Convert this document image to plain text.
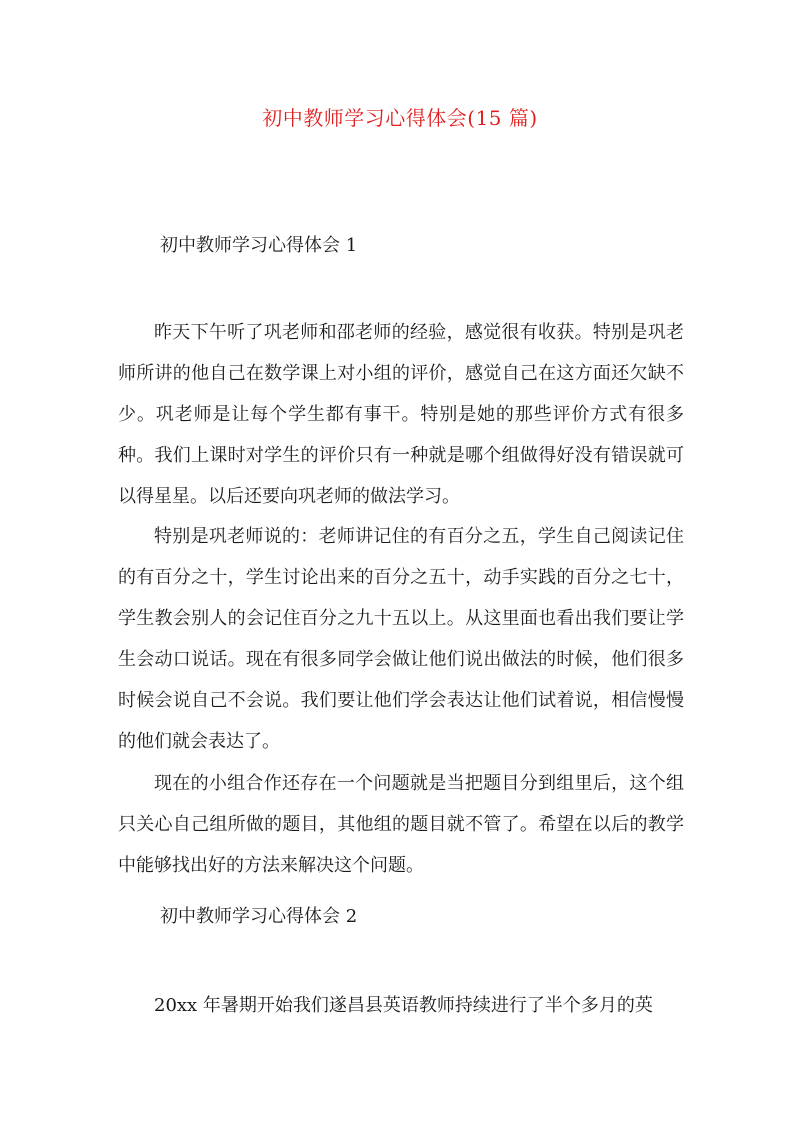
初中教师学习心得体会(15 篇)
初中教师学习心得体会 1
昨天下午听了巩老师和邵老师的经验，感觉很有收获。特别是巩老师所讲的他自己在数学课上对小组的评价，感觉自己在这方面还欠缺不少。巩老师是让每个学生都有事干。特别是她的那些评价方式有很多种。我们上课时对学生的评价只有一种就是哪个组做得好没有错误就可以得星星。以后还要向巩老师的做法学习。
特别是巩老师说的：老师讲记住的有百分之五，学生自己阅读记住的有百分之十，学生讨论出来的百分之五十，动手实践的百分之七十，学生教会别人的会记住百分之九十五以上。从这里面也看出我们要让学生会动口说话。现在有很多同学会做让他们说出做法的时候，他们很多时候会说自己不会说。我们要让他们学会表达让他们试着说，相信慢慢的他们就会表达了。
现在的小组合作还存在一个问题就是当把题目分到组里后，这个组只关心自己组所做的题目，其他组的题目就不管了。希望在以后的教学中能够找出好的方法来解决这个问题。
初中教师学习心得体会 2
20xx 年暑期开始我们遂昌县英语教师持续进行了半个多月的英
